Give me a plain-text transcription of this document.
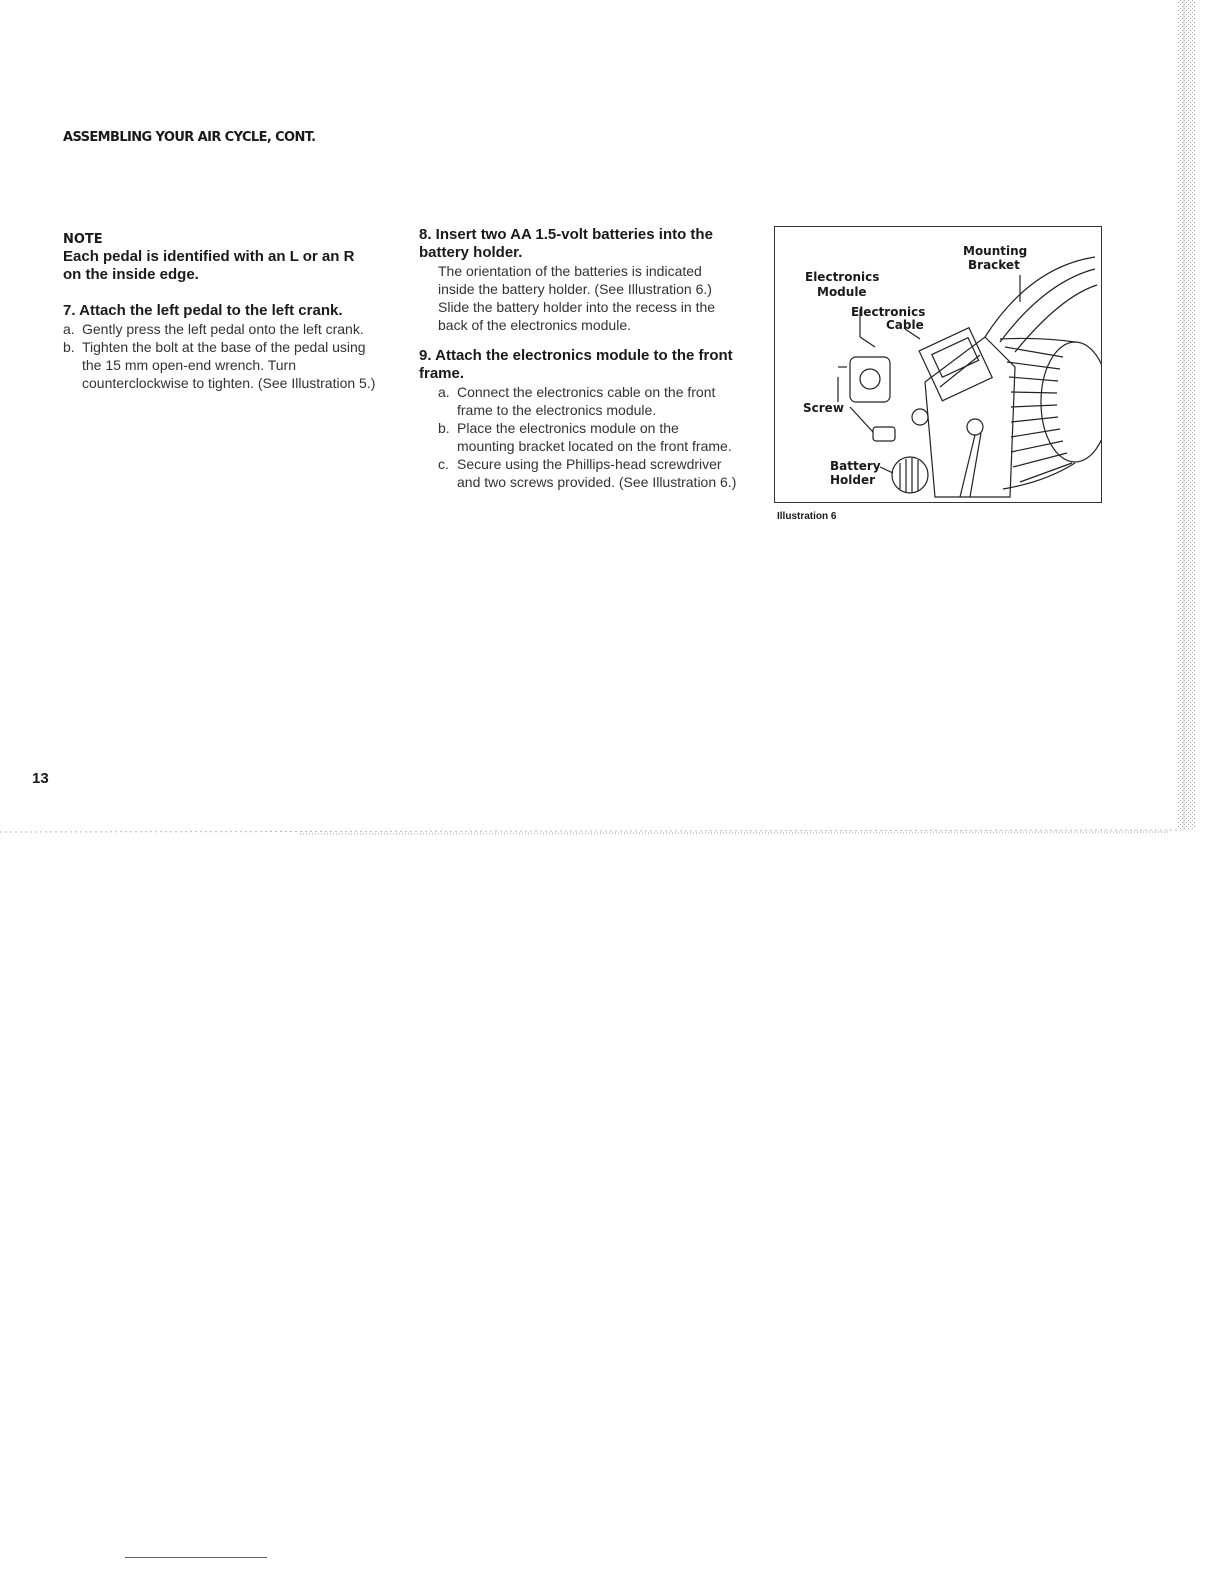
ASSEMBLING YOUR AIR CYCLE, CONT.
NOTE
Each pedal is identified with an L or an R on the inside edge.
7. Attach the left pedal to the left crank.
a. Gently press the left pedal onto the left crank.
b. Tighten the bolt at the base of the pedal using the 15 mm open-end wrench. Turn counterclockwise to tighten. (See Illustration 5.)
8. Insert two AA 1.5-volt batteries into the battery holder.
The orientation of the batteries is indicated inside the battery holder. (See Illustration 6.) Slide the battery holder into the recess in the back of the electronics module.
9. Attach the electronics module to the front frame.
a. Connect the electronics cable on the front frame to the electronics module.
b. Place the electronics module on the mounting bracket located on the front frame.
c. Secure using the Phillips-head screwdriver and two screws provided. (See Illustration 6.)
Mounting
Bracket
Electronics
Module
Electronics
Cable
Screw
Battery
Holder
Illustration 6
13
